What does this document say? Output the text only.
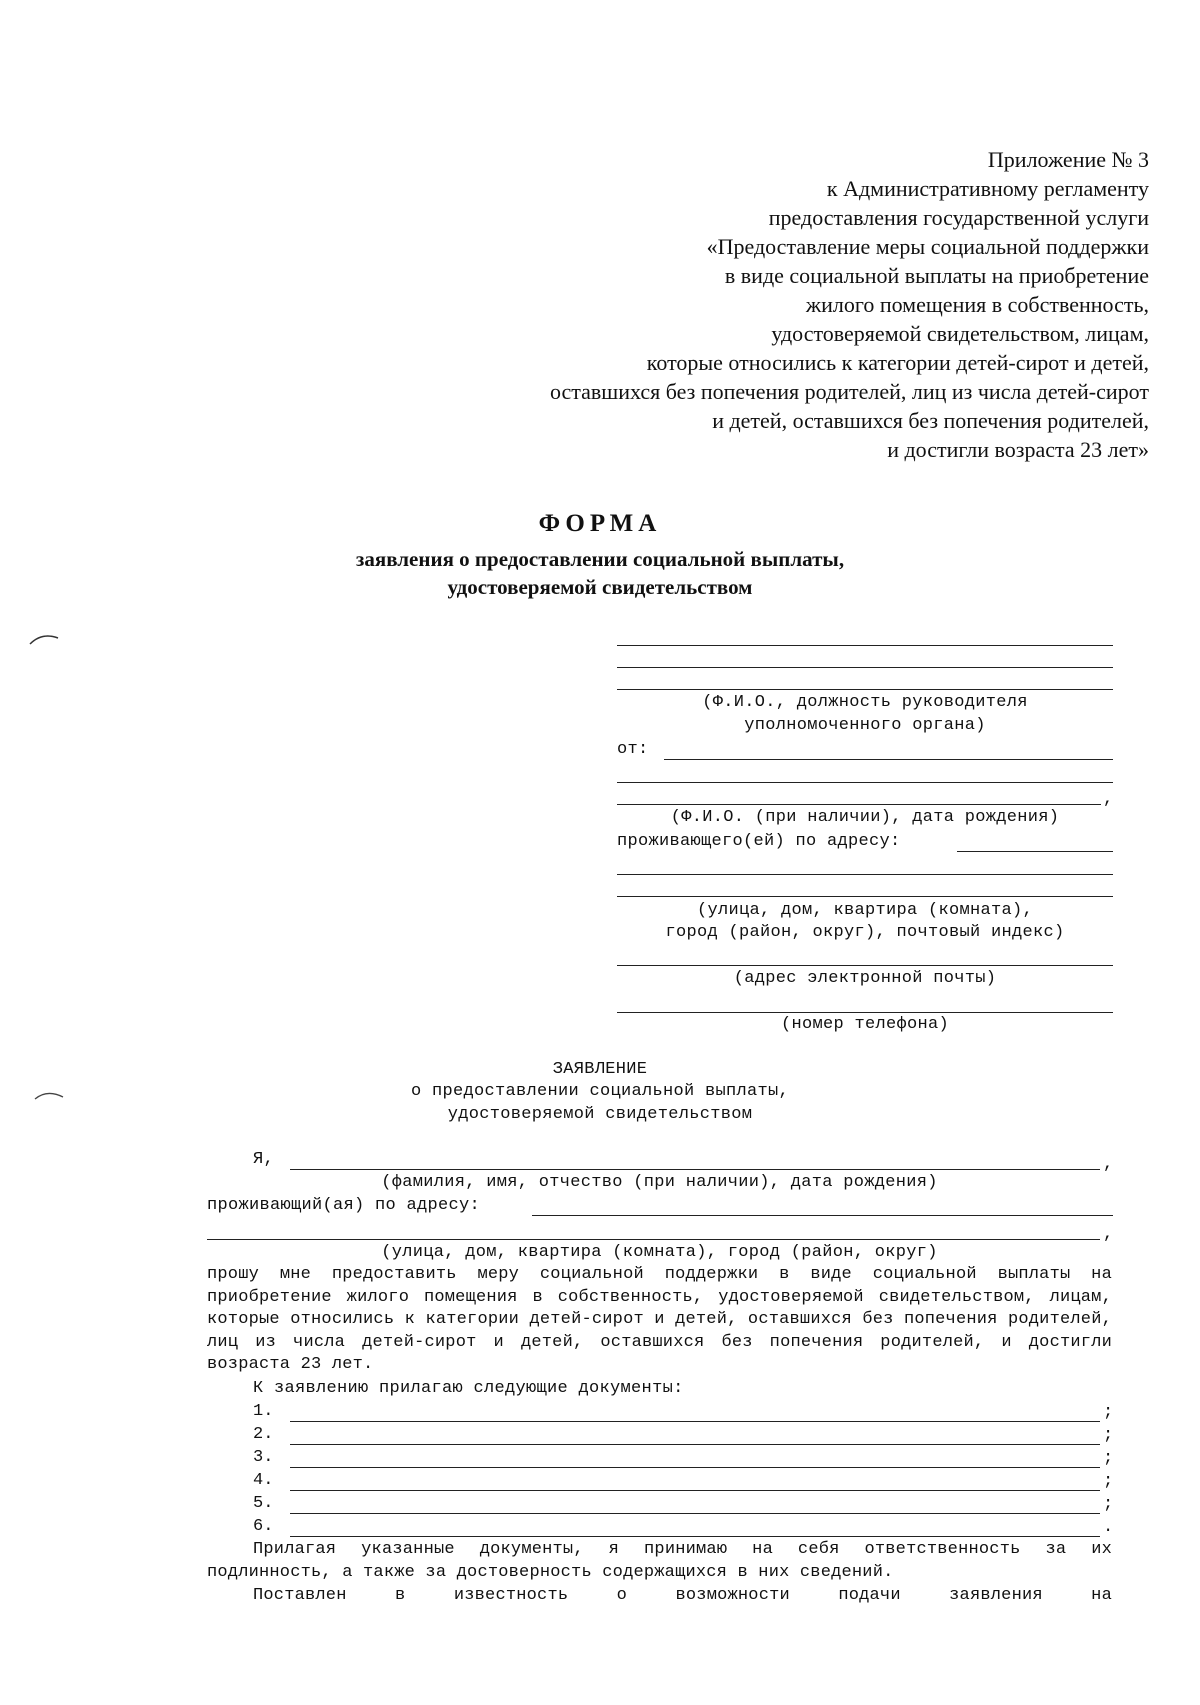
Приложение № 3
к Административному регламенту
предоставления государственной услуги
«Предоставление меры социальной поддержки
в виде социальной выплаты на приобретение
жилого помещения в собственность,
удостоверяемой свидетельством, лицам,
которые относились к категории детей-сирот и детей,
оставшихся без попечения родителей, лиц из числа детей-сирот
и детей, оставшихся без попечения родителей,
и достигли возраста 23 лет»
ФОРМА
заявления о предоставлении социальной выплаты,
удостоверяемой свидетельством
(Ф.И.О., должность руководителя
уполномоченного органа)
от:
,
(Ф.И.О. (при наличии), дата рождения)
проживающего(ей) по адресу:
(улица, дом, квартира (комната),
город (район, округ), почтовый индекс)
(адрес электронной почты)
(номер телефона)
ЗАЯВЛЕНИЕ
о предоставлении социальной выплаты,
удостоверяемой свидетельством
Я,	,
(фамилия, имя, отчество (при наличии), дата рождения)
проживающий(ая) по адресу:
,
(улица, дом, квартира (комната), город (район, округ)
прошу мне предоставить меру социальной поддержки в виде социальной выплаты на приобретение жилого помещения в собственность, удостоверяемой свидетельством, лицам, которые относились к категории детей-сирот и детей, оставшихся без попечения родителей, лиц из числа детей-сирот и детей, оставшихся без попечения родителей, и достигли возраста 23 лет.
К заявлению прилагаю следующие документы:
1.	;
2.	;
3.	;
4.	;
5.	;
6.	.
Прилагая указанные документы, я принимаю на себя ответственность за их подлинность, а также за достоверность содержащихся в них сведений.
Поставлен в известность о возможности подачи заявления на
